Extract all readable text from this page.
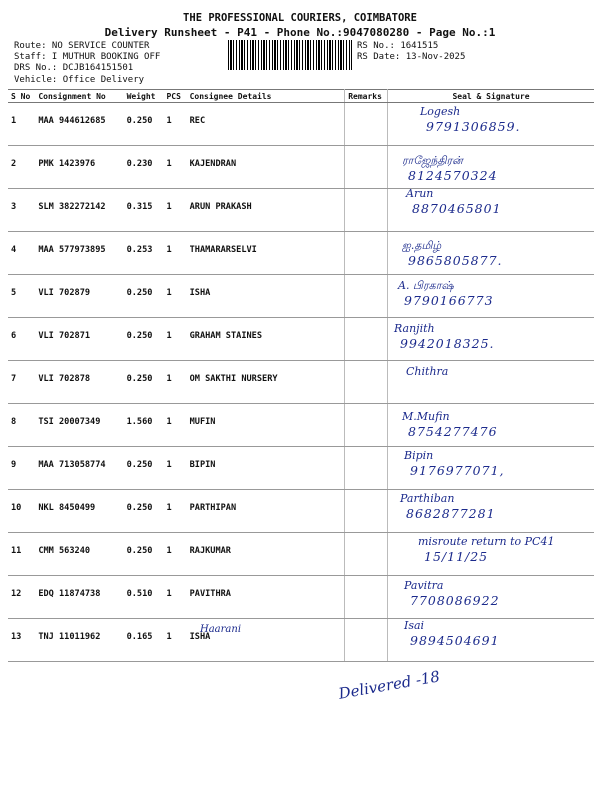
THE PROFESSIONAL COURIERS, COIMBATORE
Delivery Runsheet - P41 - Phone No.:9047080280 - Page No.:1
Route: NO SERVICE COUNTER
Staff: I MUTHUR BOOKING OFF
DRS No.: DCJB164151501
Vehicle: Office Delivery
RS No.: 1641515
RS Date: 13-Nov-2025
S No	Consignment No	Weight	PCS	Consignee Details	Remarks	Seal & Signature
1	MAA 944612685	0.250	1	REC		Logesh
9791306859.

2	PMK 1423976	0.230	1	KAJENDRAN		ராஜேந்திரன்
8124570324

3	SLM 382272142	0.315	1	ARUN PRAKASH		Arun
8870465801

4	MAA 577973895	0.253	1	THAMARARSELVI		ஐ.தமிழ்
9865805877.

5	VLI 702879	0.250	1	ISHA		A. பிரகாஷ்
9790166773

6	VLI 702871	0.250	1	GRAHAM STAINES		Ranjith
9942018325.

7	VLI 702878	0.250	1	OM SAKTHI NURSERY		Chithra

8	TSI 20007349	1.560	1	MUFIN		M.Mufin
8754277476

9	MAA 713058774	0.250	1	BIPIN		Bipin
9176977071,

10	NKL 8450499	0.250	1	PARTHIPAN		Parthiban
8682877281

11	CMM 563240	0.250	1	RAJKUMAR		misroute return to PC41
15/11/25

12	EDQ 11874738	0.510	1	PAVITHRA		Pavitra
7708086922

13	TNJ 11011962	0.165	1	ISHA		Isai
9894504691
Haarani
Delivered -18
